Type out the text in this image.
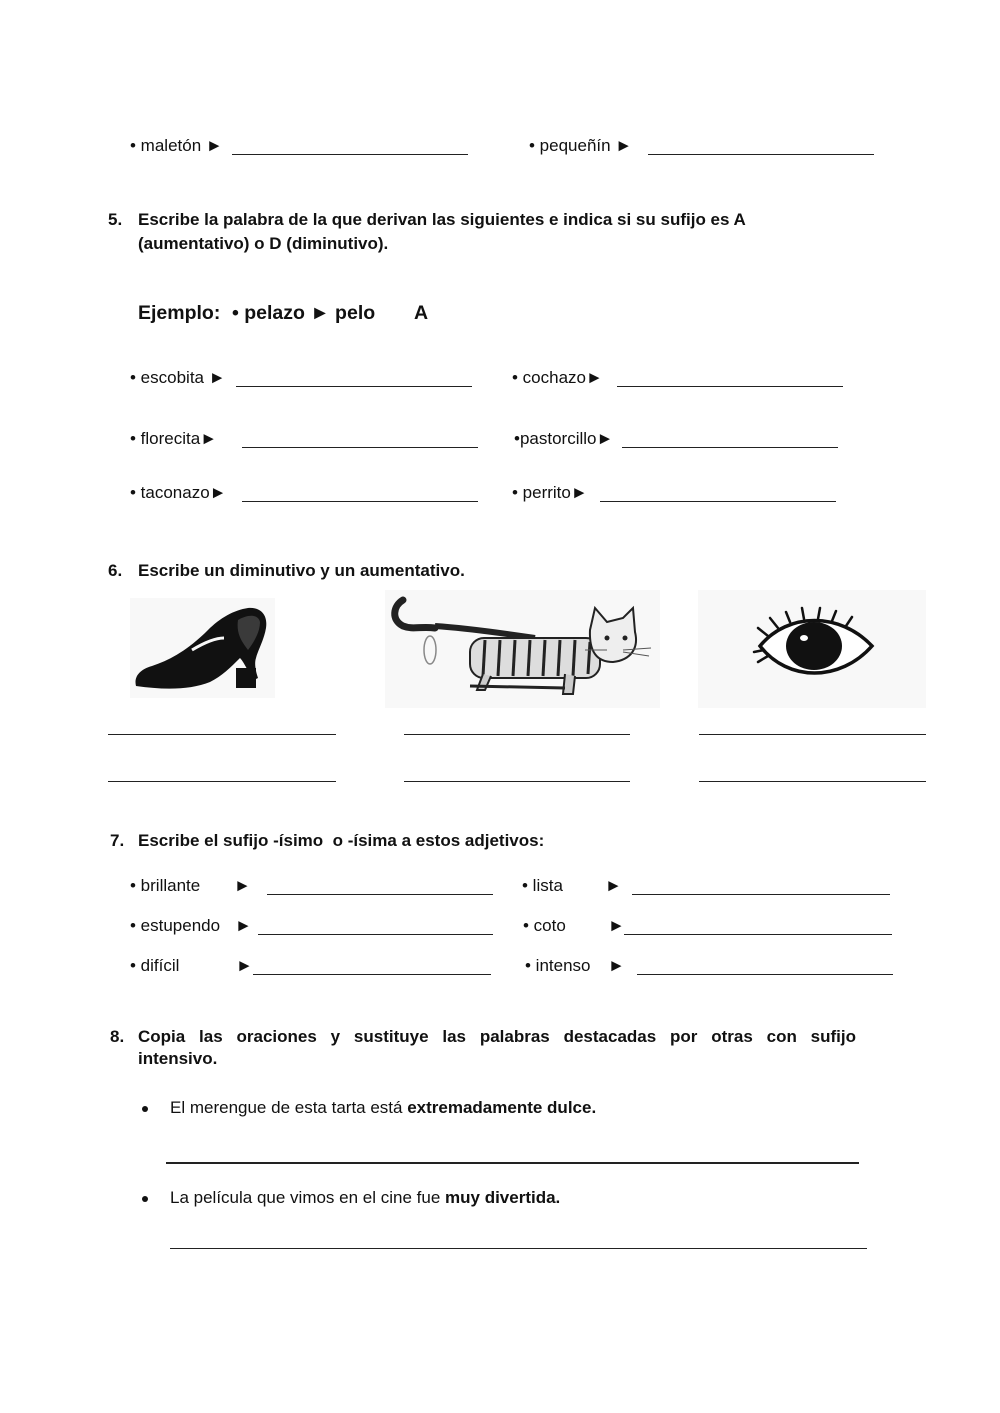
• maletón ►	• pequeñín ►
5. Escribe la palabra de la que derivan las siguientes e indica si su sufijo es A
(aumentativo) o D (diminutivo).
Ejemplo: • pelazo ► pelo A
• escobita ►	• cochazo►
• florecita►	•pastorcillo►
• taconazo►	• perrito►
6. Escribe un diminutivo y un aumentativo.
7. Escribe el sufijo -ísimo  o -ísima a estos adjetivos:
• brillante ►	• lista ►
• estupendo ►	• coto ►
• difícil	►	• intenso ►
8. Copia las oraciones y sustituye las palabras destacadas por otras con sufijo
intensivo.
El merengue de esta tarta está extremadamente dulce.
La película que vimos en el cine fue muy divertida.
